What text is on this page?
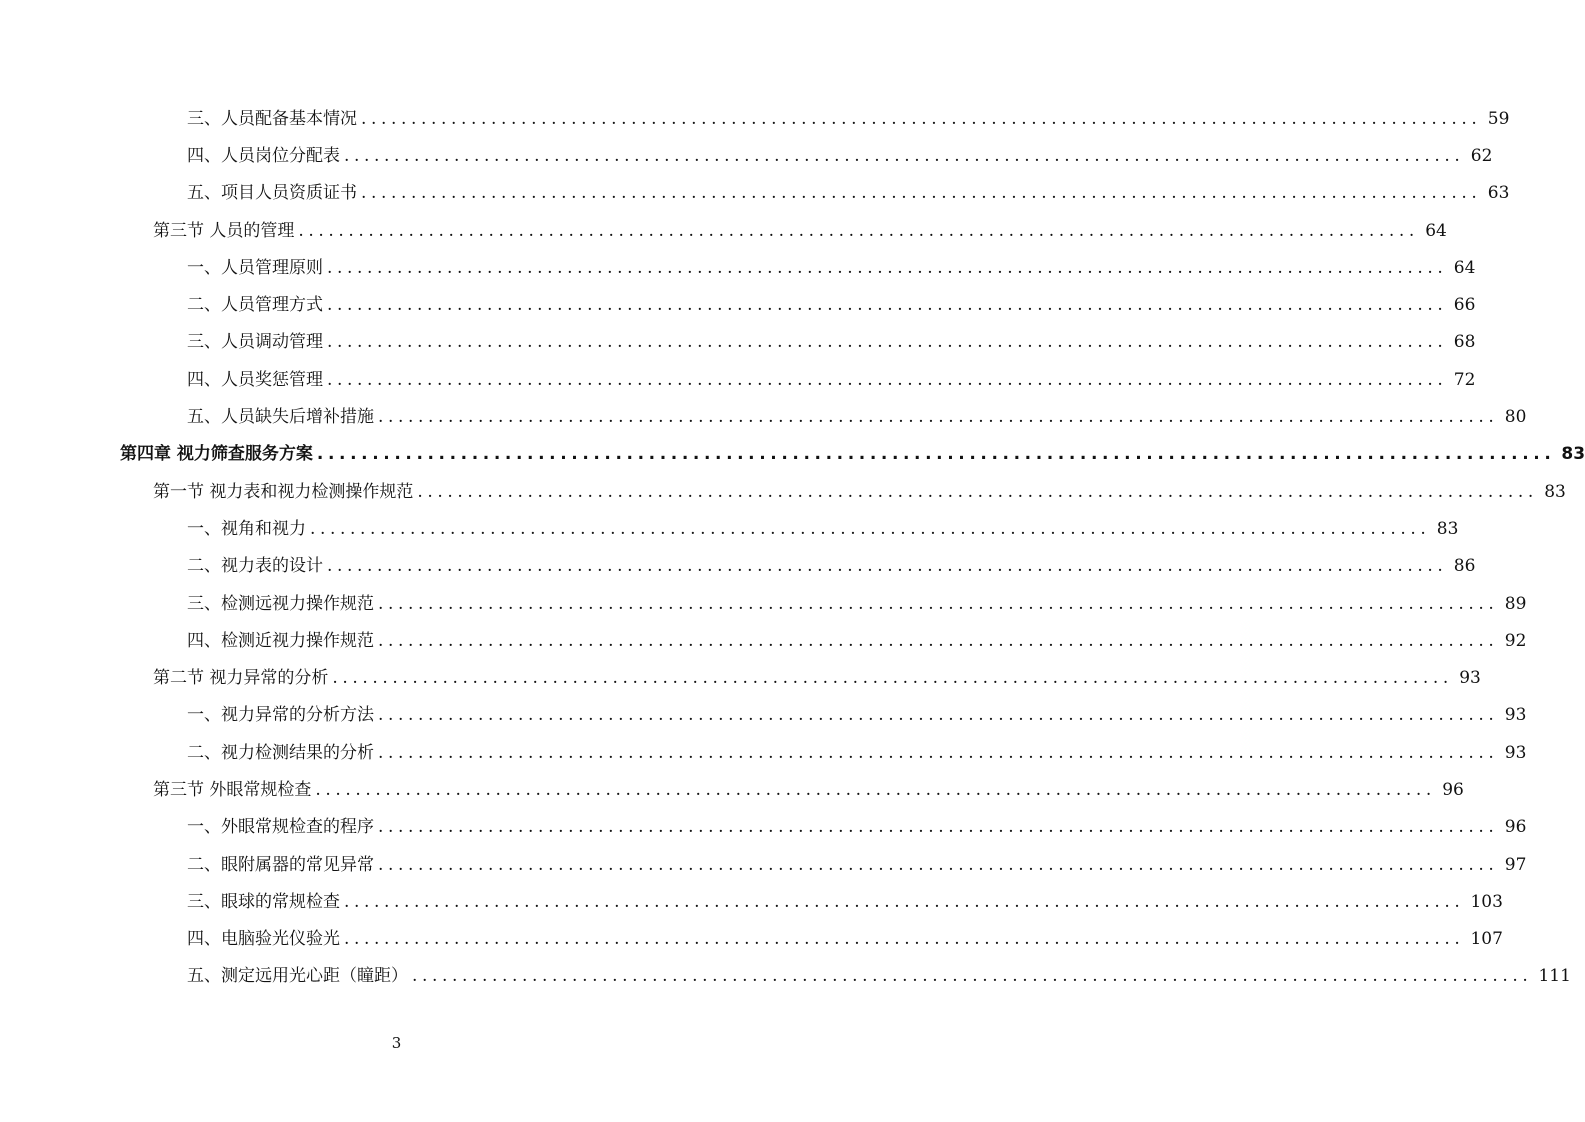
三、人员配备基本情况 ................................................................................................................ 59
四、人员岗位分配表 ................................................................................................................ 62
五、项目人员资质证书 ................................................................................................................ 63
第三节 人员的管理 ................................................................................................................ 64
一、人员管理原则 ................................................................................................................ 64
二、人员管理方式 ................................................................................................................ 66
三、人员调动管理 ................................................................................................................ 68
四、人员奖惩管理 ................................................................................................................ 72
五、人员缺失后增补措施 ................................................................................................................ 80
第四章 视力筛查服务方案 ................................................................................................................ 83
第一节 视力表和视力检测操作规范 ................................................................................................................ 83
一、视角和视力 ................................................................................................................ 83
二、视力表的设计 ................................................................................................................ 86
三、检测远视力操作规范 ................................................................................................................ 89
四、检测近视力操作规范 ................................................................................................................ 92
第二节 视力异常的分析 ................................................................................................................ 93
一、视力异常的分析方法 ................................................................................................................ 93
二、视力检测结果的分析 ................................................................................................................ 93
第三节 外眼常规检查 ................................................................................................................ 96
一、外眼常规检查的程序 ................................................................................................................ 96
二、眼附属器的常见异常 ................................................................................................................ 97
三、眼球的常规检查 ................................................................................................................ 103
四、电脑验光仪验光 ................................................................................................................ 107
五、测定远用光心距（瞳距） ................................................................................................................ 111
3
